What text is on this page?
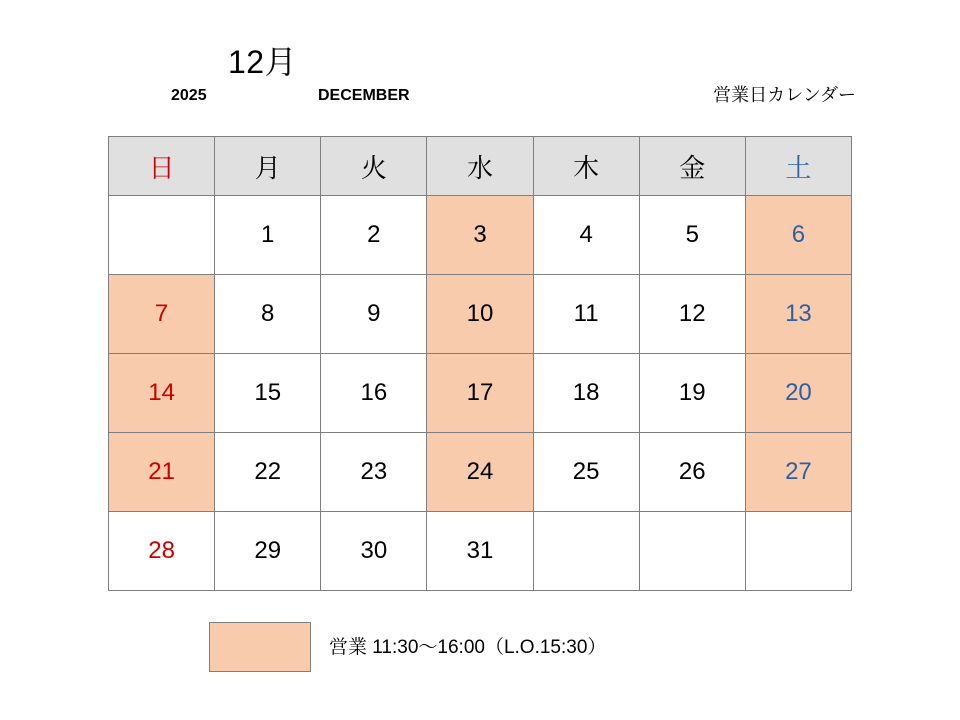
12月
2025	DECEMBER	営業日カレンダー
日	月	火	水	木	金	土
	1	2	3	4	5	6
7	8	9	10	11	12	13
14	15	16	17	18	19	20
21	22	23	24	25	26	27
28	29	30	31			
営業 11:30〜16:00（L.O.15:30）
